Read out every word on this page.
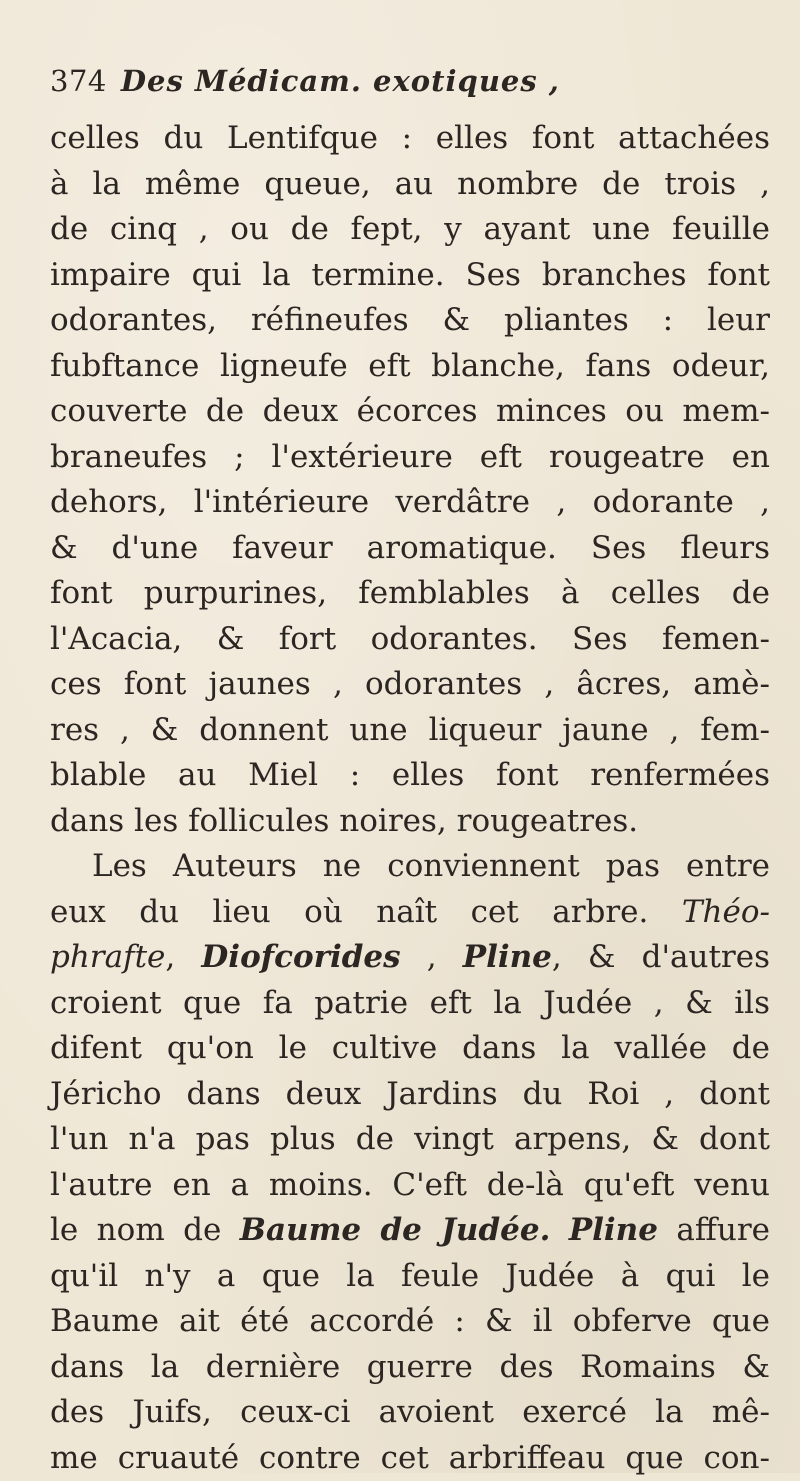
374 Des Médicam. exotiques ,
celles du Lentifque : elles font attachées
à la même queue, au nombre de trois ,
de cinq , ou de fept, y ayant une feuille
impaire qui la termine. Ses branches font
odorantes, réfineufes & pliantes : leur
fubftance ligneufe eft blanche, fans odeur,
couverte de deux écorces minces ou mem-
braneufes ; l'extérieure eft rougeatre en
dehors, l'intérieure verdâtre , odorante ,
& d'une faveur aromatique. Ses fleurs
font purpurines, femblables à celles de
l'Acacia, & fort odorantes. Ses femen-
ces font jaunes , odorantes , âcres, amè-
res , & donnent une liqueur jaune , fem-
blable au Miel : elles font renfermées
dans les follicules noires, rougeatres.
Les Auteurs ne conviennent pas entre
eux du lieu où naît cet arbre. Théo-
phrafte, Diofcorides , Pline, & d'autres
croient que fa patrie eft la Judée , & ils
difent qu'on le cultive dans la vallée de
Jéricho dans deux Jardins du Roi , dont
l'un n'a pas plus de vingt arpens, & dont
l'autre en a moins. C'eft de-là qu'eft venu
le nom de Baume de Judée. Pline affure
qu'il n'y a que la feule Judée à qui le
Baume ait été accordé : & il obferve que
dans la dernière guerre des Romains &
des Juifs, ceux-ci avoient exercé la mê-
me cruauté contre cet arbriffeau que con-
